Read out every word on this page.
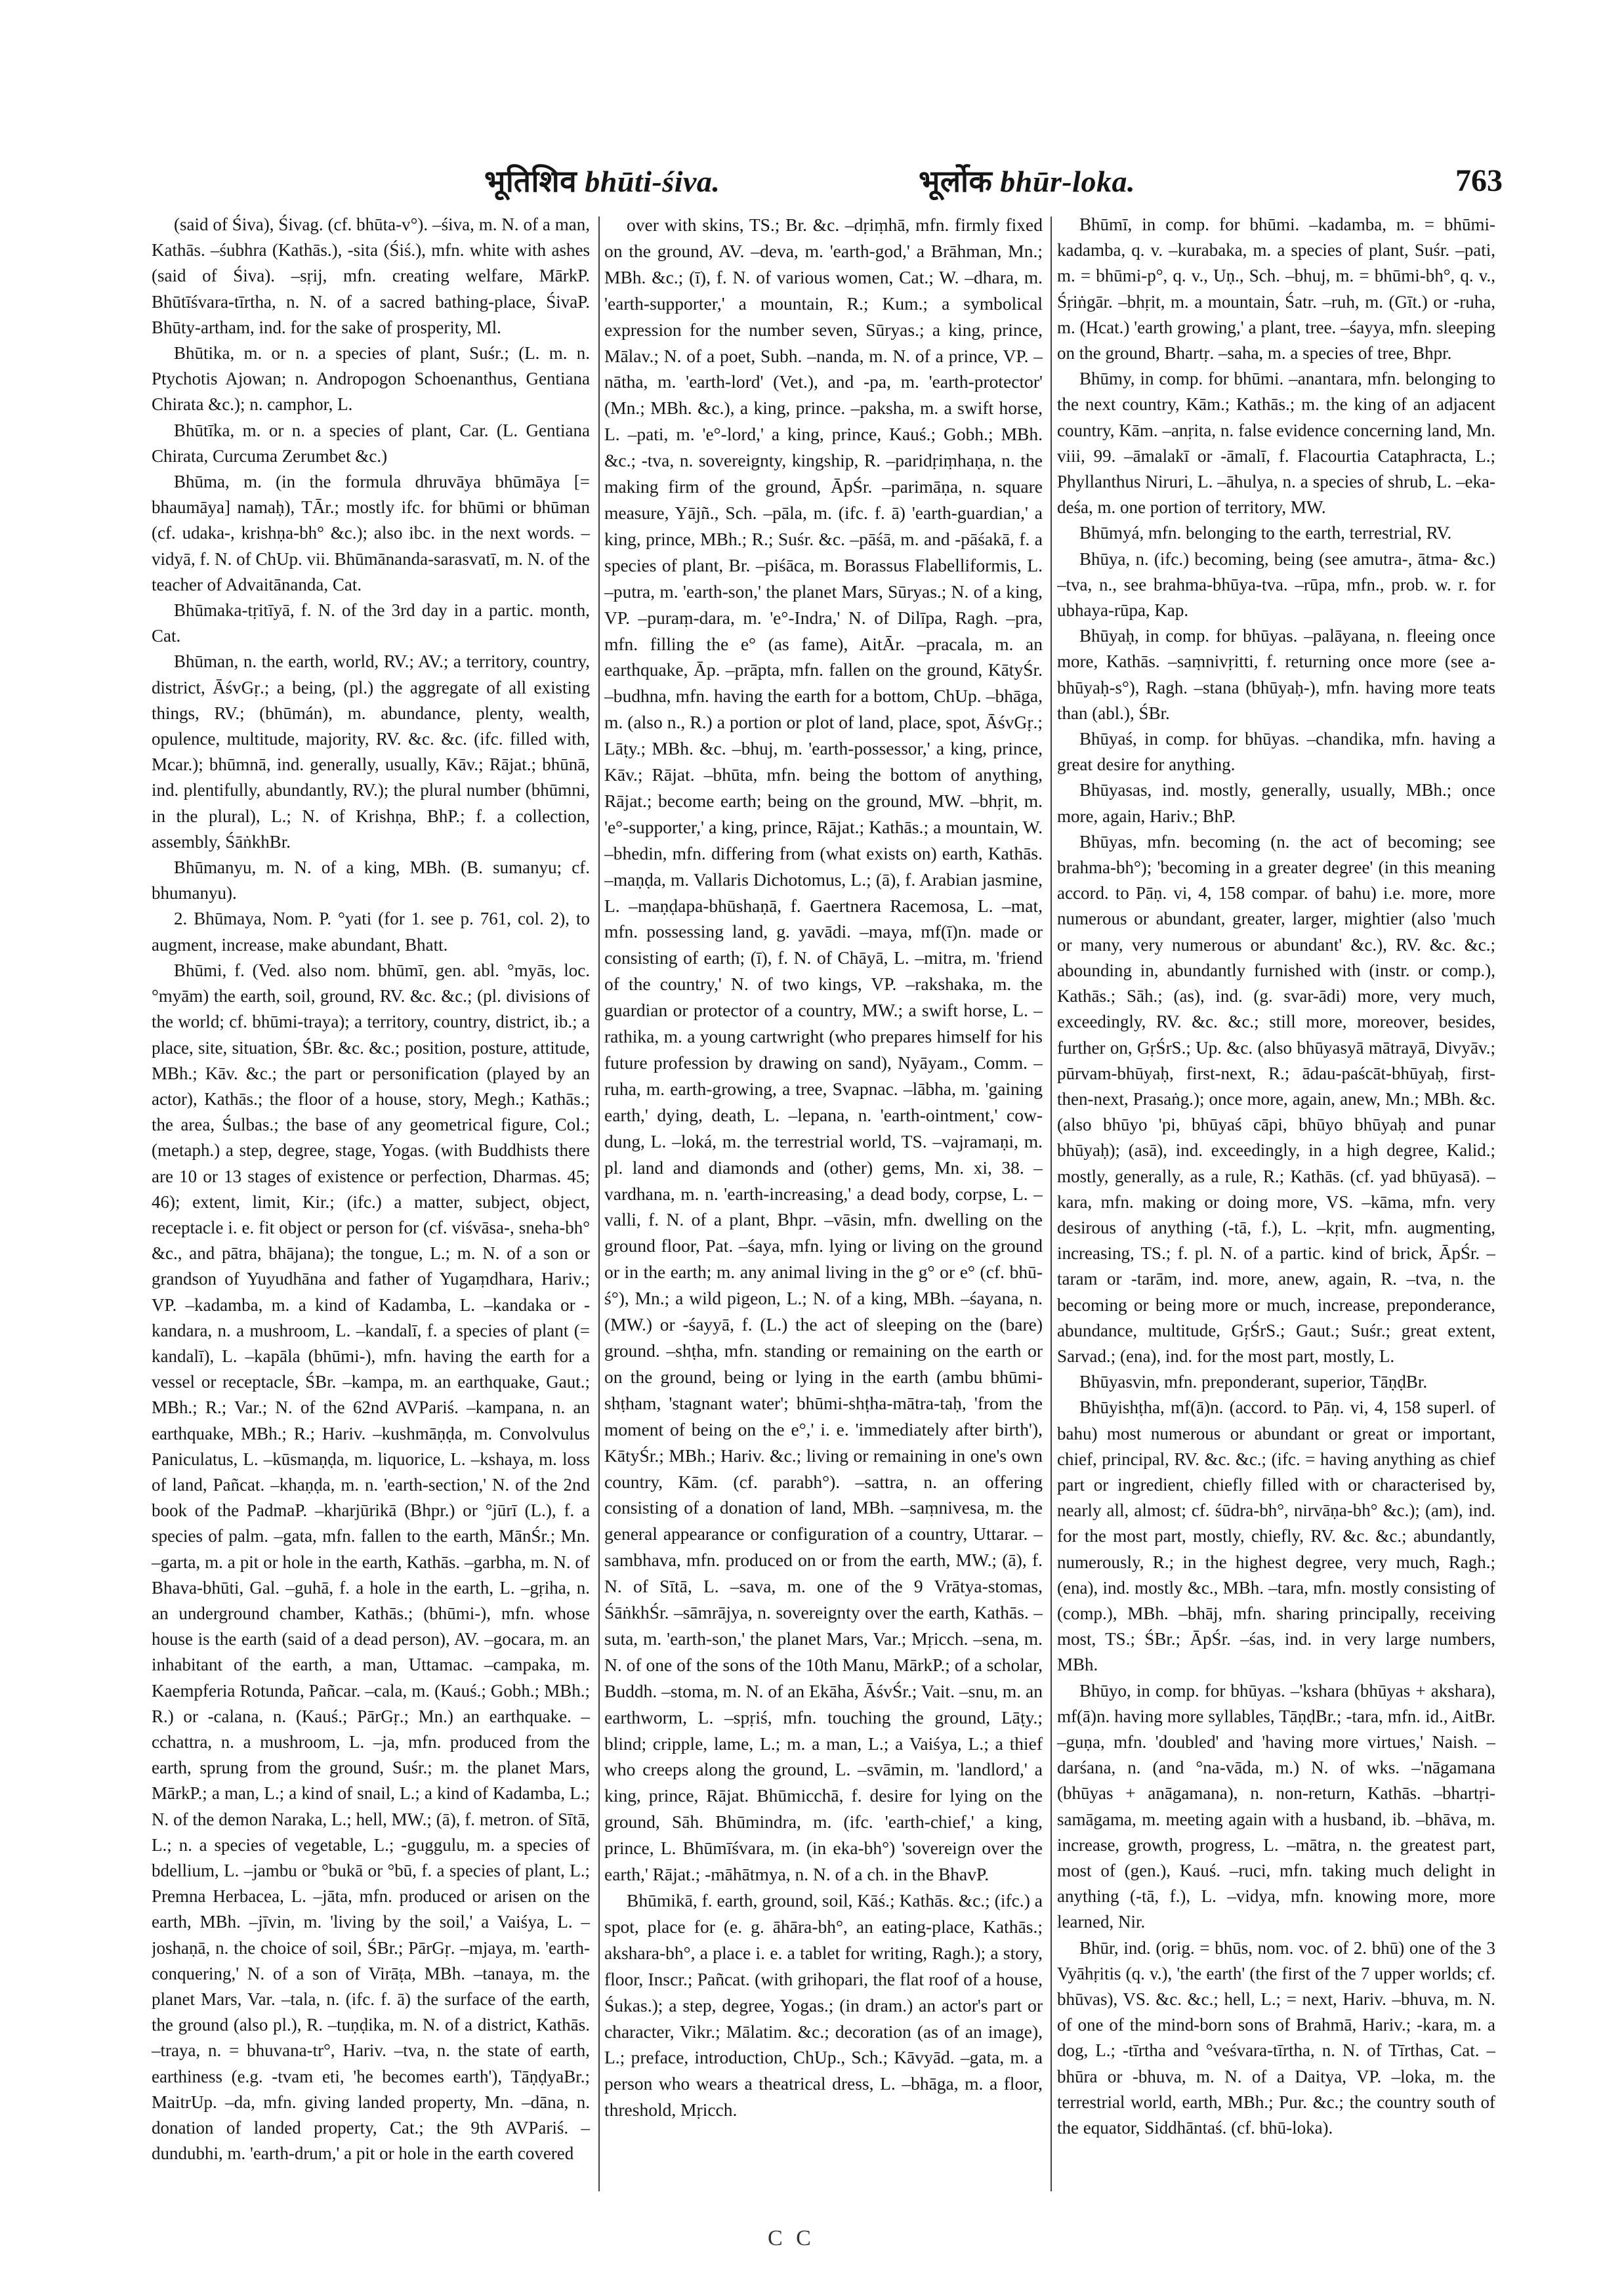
भूतिशिव bhūti-śiva.	भूर्लोक bhūr-loka.	763

(said of Śiva), Śivag. (cf. bhūta-v°). –śiva, m. N. of a man, Kathās. –śubhra (Kathās.), -sita (Śiś.), mfn. white with ashes (said of Śiva). –sṛij, mfn. creating welfare, MārkP. Bhūtīśvara-tīrtha, n. N. of a sacred bathing-place, ŚivaP. Bhūty-artham, ind. for the sake of prosperity, Ml.

Bhūtika, m. or n. a species of plant, Suśr.; (L. m. n. Ptychotis Ajowan; n. Andropogon Schoenanthus, Gentiana Chirata &c.); n. camphor, L.

Bhūtīka, m. or n. a species of plant, Car. (L. Gentiana Chirata, Curcuma Zerumbet &c.)

Bhūma, m. (in the formula dhruvāya bhūmāya [= bhaumāya] namaḥ), TĀr.; mostly ifc. for bhūmi or bhūman (cf. udaka-, krishṇa-bh° &c.); also ibc. in the next words. –vidyā, f. N. of ChUp. vii. Bhūmānanda-sarasvatī, m. N. of the teacher of Advaitānanda, Cat.

Bhūmaka-tṛitīyā, f. N. of the 3rd day in a partic. month, Cat.

Bhūman, n. the earth, world, RV.; AV.; a territory, country, district, ĀśvGṛ.; a being, (pl.) the aggregate of all existing things, RV.; (bhūmán), m. abundance, plenty, wealth, opulence, multitude, majority, RV. &c. &c. (ifc. filled with, Mcar.); bhūmnā, ind. generally, usually, Kāv.; Rājat.; bhūnā, ind. plentifully, abundantly, RV.); the plural number (bhūmni, in the plural), L.; N. of Krishṇa, BhP.; f. a collection, assembly, ŚāṅkhBr.

Bhūmanyu, m. N. of a king, MBh. (B. sumanyu; cf. bhumanyu).

2. Bhūmaya, Nom. P. °yati (for 1. see p. 761, col. 2), to augment, increase, make abundant, Bhatt.

Bhūmi, f. (Ved. also nom. bhūmī, gen. abl. °myās, loc. °myām) the earth, soil, ground, RV. &c. &c.; (pl. divisions of the world; cf. bhūmi-traya); a territory, country, district, ib.; a place, site, situation, ŚBr. &c. &c.; position, posture, attitude, MBh.; Kāv. &c.; the part or personification (played by an actor), Kathās.; the floor of a house, story, Megh.; Kathās.; the area, Śulbas.; the base of any geometrical figure, Col.; (metaph.) a step, degree, stage, Yogas. (with Buddhists there are 10 or 13 stages of existence or perfection, Dharmas. 45; 46); extent, limit, Kir.; (ifc.) a matter, subject, object, receptacle i. e. fit object or person for (cf. viśvāsa-, sneha-bh° &c., and pātra, bhājana); the tongue, L.; m. N. of a son or grandson of Yuyudhāna and father of Yugaṃdhara, Hariv.; VP. –kadamba, m. a kind of Kadamba, L. –kandaka or -kandara, n. a mushroom, L. –kandalī, f. a species of plant (= kandalī), L. –kapāla (bhūmi-), mfn. having the earth for a vessel or receptacle, ŚBr. –kampa, m. an earthquake, Gaut.; MBh.; R.; Var.; N. of the 62nd AVPariś. –kampana, n. an earthquake, MBh.; R.; Hariv. –kushmāṇḍa, m. Convolvulus Paniculatus, L. –kūsmaṇḍa, m. liquorice, L. –kshaya, m. loss of land, Pañcat. –khaṇḍa, m. n. 'earth-section,' N. of the 2nd book of the PadmaP. –kharjūrikā (Bhpr.) or °jūrī (L.), f. a species of palm. –gata, mfn. fallen to the earth, MānŚr.; Mn. –garta, m. a pit or hole in the earth, Kathās. –garbha, m. N. of Bhava-bhūti, Gal. –guhā, f. a hole in the earth, L. –gṛiha, n. an underground chamber, Kathās.; (bhūmi-), mfn. whose house is the earth (said of a dead person), AV. –gocara, m. an inhabitant of the earth, a man, Uttamac. –campaka, m. Kaempferia Rotunda, Pañcar. –cala, m. (Kauś.; Gobh.; MBh.; R.) or -calana, n. (Kauś.; PārGṛ.; Mn.) an earthquake. –cchattra, n. a mushroom, L. –ja, mfn. produced from the earth, sprung from the ground, Suśr.; m. the planet Mars, MārkP.; a man, L.; a kind of snail, L.; a kind of Kadamba, L.; N. of the demon Naraka, L.; hell, MW.; (ā), f. metron. of Sītā, L.; n. a species of vegetable, L.; -guggulu, m. a species of bdellium, L. –jambu or °bukā or °bū, f. a species of plant, L.; Premna Herbacea, L. –jāta, mfn. produced or arisen on the earth, MBh. –jīvin, m. 'living by the soil,' a Vaiśya, L. –joshaṇā, n. the choice of soil, ŚBr.; PārGṛ. –mjaya, m. 'earth-conquering,' N. of a son of Virāṭa, MBh. –tanaya, m. the planet Mars, Var. –tala, n. (ifc. f. ā) the surface of the earth, the ground (also pl.), R. –tuṇḍika, m. N. of a district, Kathās. –traya, n. = bhuvana-tr°, Hariv. –tva, n. the state of earth, earthiness (e.g. -tvam eti, 'he becomes earth'), TāṇḍyaBr.; MaitrUp. –da, mfn. giving landed property, Mn. –dāna, n. donation of landed property, Cat.; the 9th AVPariś. –dundubhi, m. 'earth-drum,' a pit or hole in the earth covered

over with skins, TS.; Br. &c. –dṛiṃhā, mfn. firmly fixed on the ground, AV. –deva, m. 'earth-god,' a Brāhman, Mn.; MBh. &c.; (ī), f. N. of various women, Cat.; W. –dhara, m. 'earth-supporter,' a mountain, R.; Kum.; a symbolical expression for the number seven, Sūryas.; a king, prince, Mālav.; N. of a poet, Subh. –nanda, m. N. of a prince, VP. –nātha, m. 'earth-lord' (Vet.), and -pa, m. 'earth-protector' (Mn.; MBh. &c.), a king, prince. –paksha, m. a swift horse, L. –pati, m. 'e°-lord,' a king, prince, Kauś.; Gobh.; MBh. &c.; -tva, n. sovereignty, kingship, R. –paridṛiṃhaṇa, n. the making firm of the ground, ĀpŚr. –parimāṇa, n. square measure, Yājñ., Sch. –pāla, m. (ifc. f. ā) 'earth-guardian,' a king, prince, MBh.; R.; Suśr. &c. –pāśā, m. and -pāśakā, f. a species of plant, Br. –piśāca, m. Borassus Flabelliformis, L. –putra, m. 'earth-son,' the planet Mars, Sūryas.; N. of a king, VP. –puraṃ-dara, m. 'e°-Indra,' N. of Dilīpa, Ragh. –pra, mfn. filling the e° (as fame), AitĀr. –pracala, m. an earthquake, Āp. –prāpta, mfn. fallen on the ground, KātyŚr. –budhna, mfn. having the earth for a bottom, ChUp. –bhāga, m. (also n., R.) a portion or plot of land, place, spot, ĀśvGṛ.; Lāṭy.; MBh. &c. –bhuj, m. 'earth-possessor,' a king, prince, Kāv.; Rājat. –bhūta, mfn. being the bottom of anything, Rājat.; become earth; being on the ground, MW. –bhṛit, m. 'e°-supporter,' a king, prince, Rājat.; Kathās.; a mountain, W. –bhedin, mfn. differing from (what exists on) earth, Kathās. –maṇḍa, m. Vallaris Dichotomus, L.; (ā), f. Arabian jasmine, L. –maṇḍapa-bhūshaṇā, f. Gaertnera Racemosa, L. –mat, mfn. possessing land, g. yavādi. –maya, mf(ī)n. made or consisting of earth; (ī), f. N. of Chāyā, L. –mitra, m. 'friend of the country,' N. of two kings, VP. –rakshaka, m. the guardian or protector of a country, MW.; a swift horse, L. –rathika, m. a young cartwright (who prepares himself for his future profession by drawing on sand), Nyāyam., Comm. –ruha, m. earth-growing, a tree, Svapnac. –lābha, m. 'gaining earth,' dying, death, L. –lepana, n. 'earth-ointment,' cow-dung, L. –loká, m. the terrestrial world, TS. –vajramaṇi, m. pl. land and diamonds and (other) gems, Mn. xi, 38. –vardhana, m. n. 'earth-increasing,' a dead body, corpse, L. –valli, f. N. of a plant, Bhpr. –vāsin, mfn. dwelling on the ground floor, Pat. –śaya, mfn. lying or living on the ground or in the earth; m. any animal living in the g° or e° (cf. bhū-ś°), Mn.; a wild pigeon, L.; N. of a king, MBh. –śayana, n. (MW.) or -śayyā, f. (L.) the act of sleeping on the (bare) ground. –shṭha, mfn. standing or remaining on the earth or on the ground, being or lying in the earth (ambu bhūmi-shṭham, 'stagnant water'; bhūmi-shṭha-mātra-taḥ, 'from the moment of being on the e°,' i. e. 'immediately after birth'), KātyŚr.; MBh.; Hariv. &c.; living or remaining in one's own country, Kām. (cf. parabh°). –sattra, n. an offering consisting of a donation of land, MBh. –saṃnivesa, m. the general appearance or configuration of a country, Uttarar. –sambhava, mfn. produced on or from the earth, MW.; (ā), f. N. of Sītā, L. –sava, m. one of the 9 Vrātya-stomas, ŚāṅkhŚr. –sāmrājya, n. sovereignty over the earth, Kathās. –suta, m. 'earth-son,' the planet Mars, Var.; Mṛicch. –sena, m. N. of one of the sons of the 10th Manu, MārkP.; of a scholar, Buddh. –stoma, m. N. of an Ekāha, ĀśvŚr.; Vait. –snu, m. an earthworm, L. –spṛiś, mfn. touching the ground, Lāṭy.; blind; cripple, lame, L.; m. a man, L.; a Vaiśya, L.; a thief who creeps along the ground, L. –svāmin, m. 'landlord,' a king, prince, Rājat. Bhūmicchā, f. desire for lying on the ground, Sāh. Bhūmindra, m. (ifc. 'earth-chief,' a king, prince, L. Bhūmīśvara, m. (in eka-bh°) 'sovereign over the earth,' Rājat.; -māhātmya, n. N. of a ch. in the BhavP.

Bhūmikā, f. earth, ground, soil, Kāś.; Kathās. &c.; (ifc.) a spot, place for (e. g. āhāra-bh°, an eating-place, Kathās.; akshara-bh°, a place i. e. a tablet for writing, Ragh.); a story, floor, Inscr.; Pañcat. (with grihopari, the flat roof of a house, Śukas.); a step, degree, Yogas.; (in dram.) an actor's part or character, Vikr.; Mālatim. &c.; decoration (as of an image), L.; preface, introduction, ChUp., Sch.; Kāvyād. –gata, m. a person who wears a theatrical dress, L. –bhāga, m. a floor, threshold, Mṛicch.

Bhūmī, in comp. for bhūmi. –kadamba, m. = bhūmi-kadamba, q. v. –kurabaka, m. a species of plant, Suśr. –pati, m. = bhūmi-p°, q. v., Uṇ., Sch. –bhuj, m. = bhūmi-bh°, q. v., Śṛiṅgār. –bhṛit, m. a mountain, Śatr. –ruh, m. (Gīt.) or -ruha, m. (Hcat.) 'earth growing,' a plant, tree. –śayya, mfn. sleeping on the ground, Bhartṛ. –saha, m. a species of tree, Bhpr.

Bhūmy, in comp. for bhūmi. –anantara, mfn. belonging to the next country, Kām.; Kathās.; m. the king of an adjacent country, Kām. –anṛita, n. false evidence concerning land, Mn. viii, 99. –āmalakī or -āmalī, f. Flacourtia Cataphracta, L.; Phyllanthus Niruri, L. –āhulya, n. a species of shrub, L. –eka-deśa, m. one portion of territory, MW.

Bhūmyá, mfn. belonging to the earth, terrestrial, RV.

Bhūya, n. (ifc.) becoming, being (see amutra-, ātma- &c.) –tva, n., see brahma-bhūya-tva. –rūpa, mfn., prob. w. r. for ubhaya-rūpa, Kap.

Bhūyaḥ, in comp. for bhūyas. –palāyana, n. fleeing once more, Kathās. –saṃnivṛitti, f. returning once more (see a-bhūyaḥ-s°), Ragh. –stana (bhūyaḥ-), mfn. having more teats than (abl.), ŚBr.

Bhūyaś, in comp. for bhūyas. –chandika, mfn. having a great desire for anything.

Bhūyasas, ind. mostly, generally, usually, MBh.; once more, again, Hariv.; BhP.

Bhūyas, mfn. becoming (n. the act of becoming; see brahma-bh°); 'becoming in a greater degree' (in this meaning accord. to Pāṇ. vi, 4, 158 compar. of bahu) i.e. more, more numerous or abundant, greater, larger, mightier (also 'much or many, very numerous or abundant' &c.), RV. &c. &c.; abounding in, abundantly furnished with (instr. or comp.), Kathās.; Sāh.; (as), ind. (g. svar-ādi) more, very much, exceedingly, RV. &c. &c.; still more, moreover, besides, further on, GṛŚrS.; Up. &c. (also bhūyasyā mātrayā, Divyāv.; pūrvam-bhūyaḥ, first-next, R.; ādau-paścāt-bhūyaḥ, first-then-next, Prasaṅg.); once more, again, anew, Mn.; MBh. &c. (also bhūyo 'pi, bhūyaś cāpi, bhūyo bhūyaḥ and punar bhūyaḥ); (asā), ind. exceedingly, in a high degree, Kalid.; mostly, generally, as a rule, R.; Kathās. (cf. yad bhūyasā). –kara, mfn. making or doing more, VS. –kāma, mfn. very desirous of anything (-tā, f.), L. –kṛit, mfn. augmenting, increasing, TS.; f. pl. N. of a partic. kind of brick, ĀpŚr. –taram or -tarām, ind. more, anew, again, R. –tva, n. the becoming or being more or much, increase, preponderance, abundance, multitude, GṛŚrS.; Gaut.; Suśr.; great extent, Sarvad.; (ena), ind. for the most part, mostly, L.

Bhūyasvin, mfn. preponderant, superior, TāṇḍBr.

Bhūyishṭha, mf(ā)n. (accord. to Pāṇ. vi, 4, 158 superl. of bahu) most numerous or abundant or great or important, chief, principal, RV. &c. &c.; (ifc. = having anything as chief part or ingredient, chiefly filled with or characterised by, nearly all, almost; cf. śūdra-bh°, nirvāṇa-bh° &c.); (am), ind. for the most part, mostly, chiefly, RV. &c. &c.; abundantly, numerously, R.; in the highest degree, very much, Ragh.; (ena), ind. mostly &c., MBh. –tara, mfn. mostly consisting of (comp.), MBh. –bhāj, mfn. sharing principally, receiving most, TS.; ŚBr.; ĀpŚr. –śas, ind. in very large numbers, MBh.

Bhūyo, in comp. for bhūyas. –'kshara (bhūyas + akshara), mf(ā)n. having more syllables, TāṇḍBr.; -tara, mfn. id., AitBr. –guṇa, mfn. 'doubled' and 'having more virtues,' Naish. –darśana, n. (and °na-vāda, m.) N. of wks. –'nāgamana (bhūyas + anāgamana), n. non-return, Kathās. –bhartṛi-samāgama, m. meeting again with a husband, ib. –bhāva, m. increase, growth, progress, L. –mātra, n. the greatest part, most of (gen.), Kauś. –ruci, mfn. taking much delight in anything (-tā, f.), L. –vidya, mfn. knowing more, more learned, Nir.

Bhūr, ind. (orig. = bhūs, nom. voc. of 2. bhū) one of the 3 Vyāhṛitis (q. v.), 'the earth' (the first of the 7 upper worlds; cf. bhūvas), VS. &c. &c.; hell, L.; = next, Hariv. –bhuva, m. N. of one of the mind-born sons of Brahmā, Hariv.; -kara, m. a dog, L.; -tīrtha and °veśvara-tīrtha, n. N. of Tīrthas, Cat. –bhūra or -bhuva, m. N. of a Daitya, VP. –loka, m. the terrestrial world, earth, MBh.; Pur. &c.; the country south of the equator, Siddhāntaś. (cf. bhū-loka).

C C
